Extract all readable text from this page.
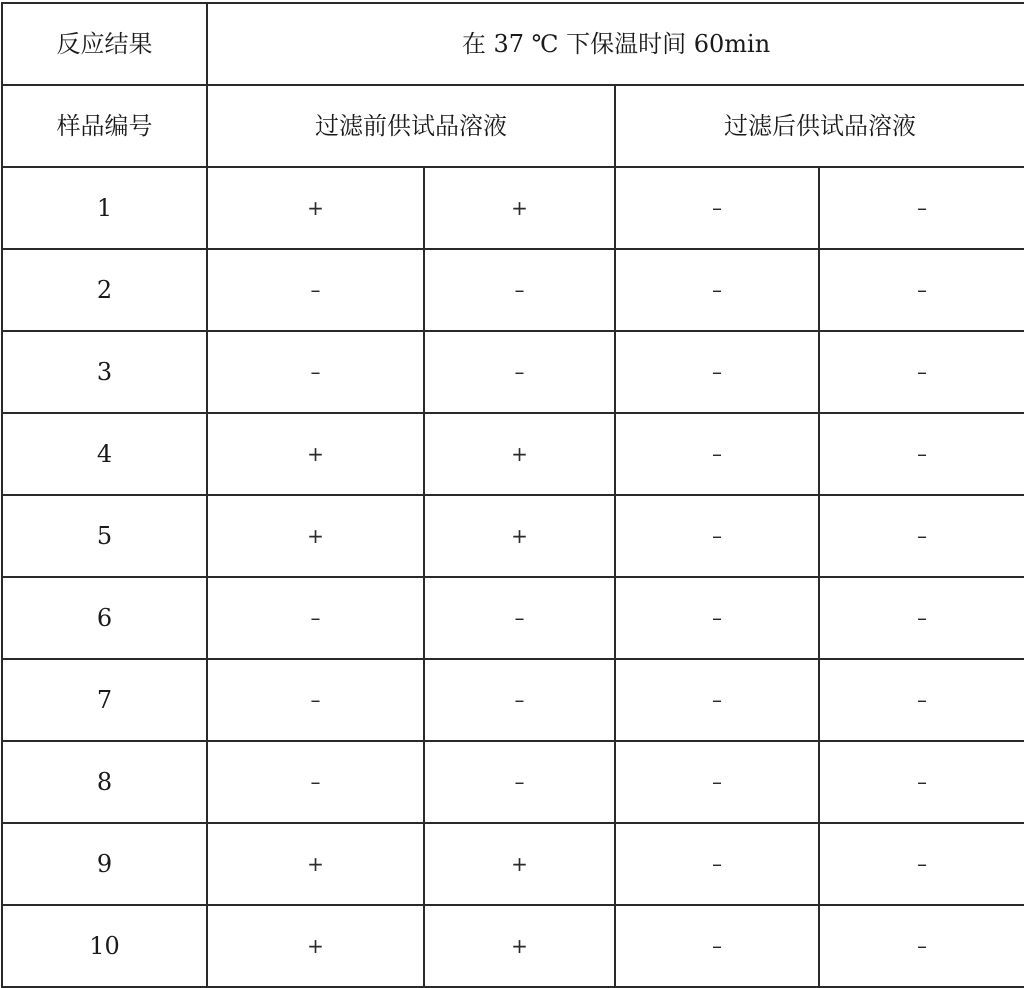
反应结果	在 37 ℃ 下保温时间 60min			
样品编号	过滤前供试品溶液		过滤后供试品溶液	
1	+	+	–	–
2	–	–	–	–
3	–	–	–	–
4	+	+	–	–
5	+	+	–	–
6	–	–	–	–
7	–	–	–	–
8	–	–	–	–
9	+	+	–	–
10	+	+	–	–
